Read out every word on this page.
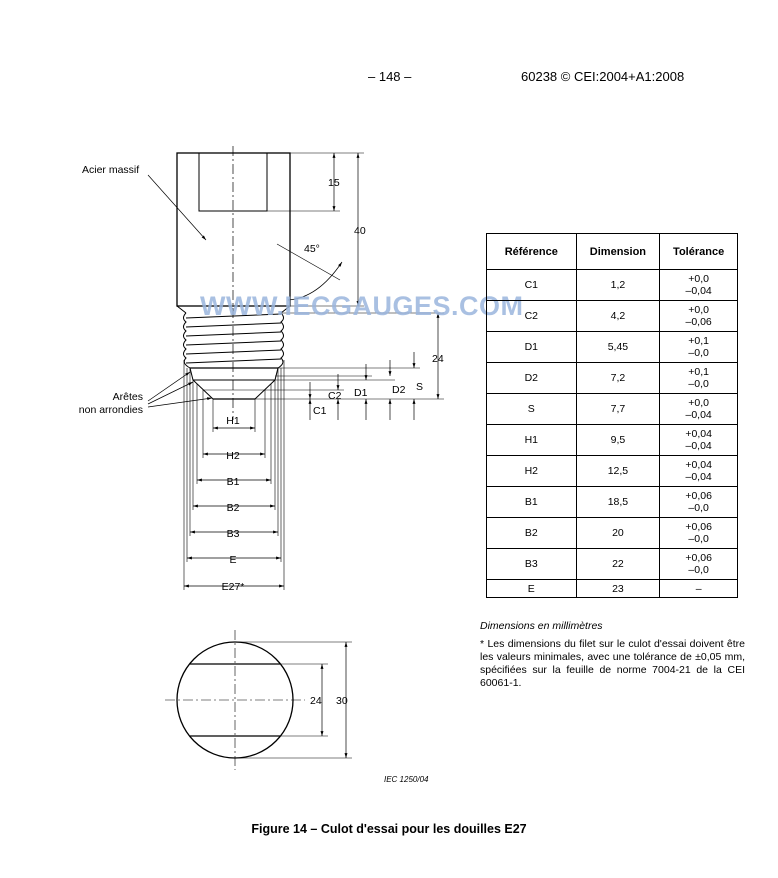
– 148 –	60238 © CEI:2004+A1:2008
Acier massif
45°
Arêtes
non arrondies
15
40
24
S
D2
D1
C2
C1
H1
H2
B1
B2
B3
E
E27*
24 30
WWW.IECGAUGES.COM
Référence	Dimension	Tolérance
C1	1,2	+0,0
–0,04
C2	4,2	+0,0
–0,06
D1	5,45	+0,1
–0,0
D2	7,2	+0,1
–0,0
S	7,7	+0,0
–0,04
H1	9,5	+0,04
–0,04
H2	12,5	+0,04
–0,04
B1	18,5	+0,06
–0,0
B2	20	+0,06
–0,0
B3	22	+0,06
–0,0
E	23	–
Dimensions en millimètres
* Les dimensions du filet sur le culot d'essai doivent être les valeurs minimales, avec une tolérance de ±0,05 mm, spécifiées sur la feuille de norme 7004-21 de la CEI 60061-1.
IEC 1250/04
Figure 14 – Culot d'essai pour les douilles E27
